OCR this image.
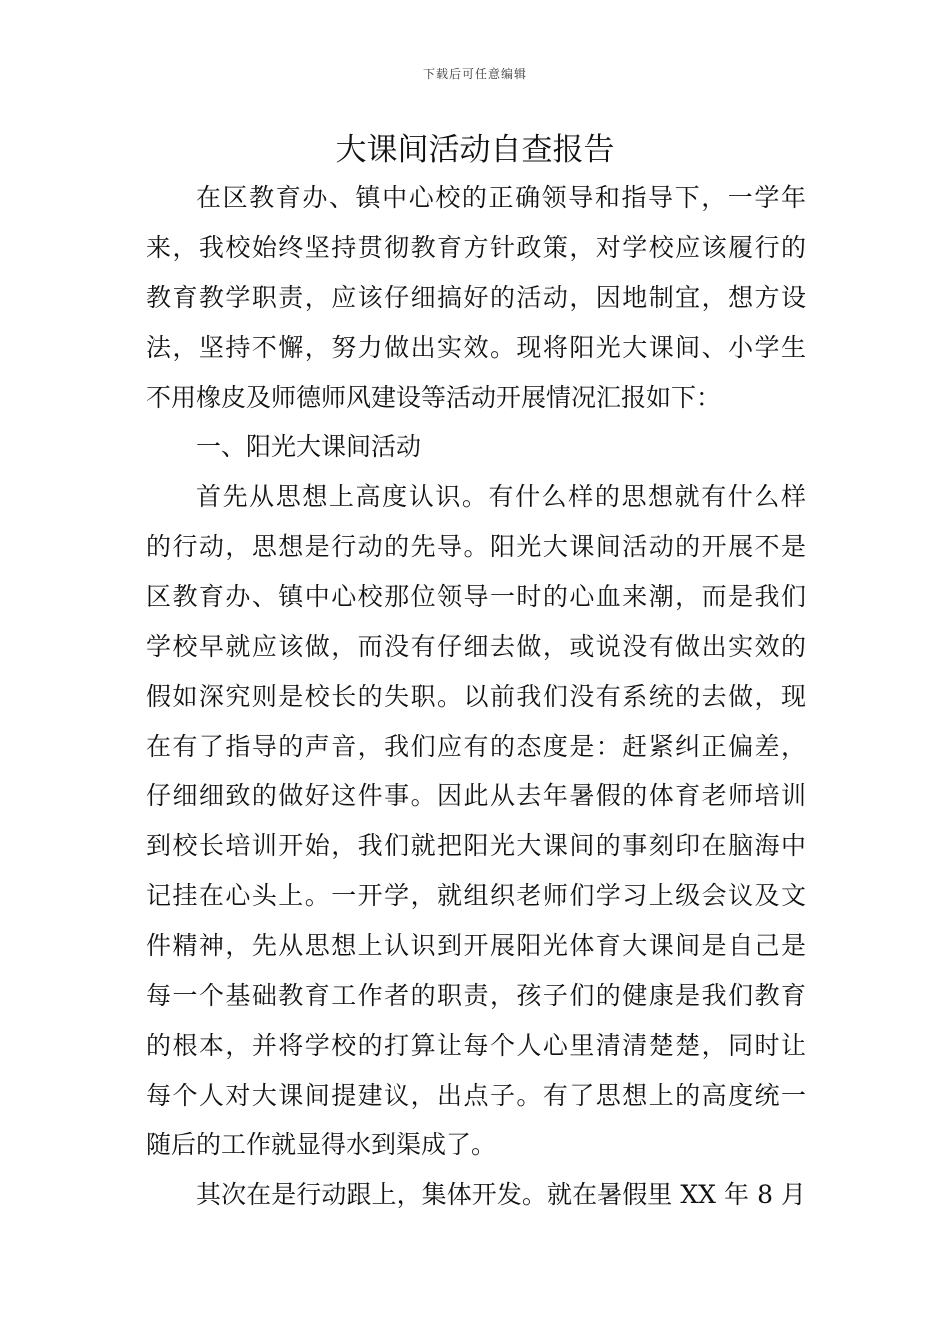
下载后可任意编辑
大课间活动自查报告
在区教育办、镇中心校的正确领导和指导下，一学年
来，我校始终坚持贯彻教育方针政策，对学校应该履行的
教育教学职责，应该仔细搞好的活动，因地制宜，想方设
法，坚持不懈，努力做出实效。现将阳光大课间、小学生
不用橡皮及师德师风建设等活动开展情况汇报如下：
一、阳光大课间活动
首先从思想上高度认识。有什么样的思想就有什么样
的行动，思想是行动的先导。阳光大课间活动的开展不是
区教育办、镇中心校那位领导一时的心血来潮，而是我们
学校早就应该做，而没有仔细去做，或说没有做出实效的
假如深究则是校长的失职。以前我们没有系统的去做，现
在有了指导的声音，我们应有的态度是：赶紧纠正偏差，
仔细细致的做好这件事。因此从去年暑假的体育老师培训
到校长培训开始，我们就把阳光大课间的事刻印在脑海中
记挂在心头上。一开学，就组织老师们学习上级会议及文
件精神，先从思想上认识到开展阳光体育大课间是自己是
每一个基础教育工作者的职责，孩子们的健康是我们教育
的根本，并将学校的打算让每个人心里清清楚楚，同时让
每个人对大课间提建议，出点子。有了思想上的高度统一
随后的工作就显得水到渠成了。
其次在是行动跟上，集体开发。就在暑假里 XX 年 8 月
